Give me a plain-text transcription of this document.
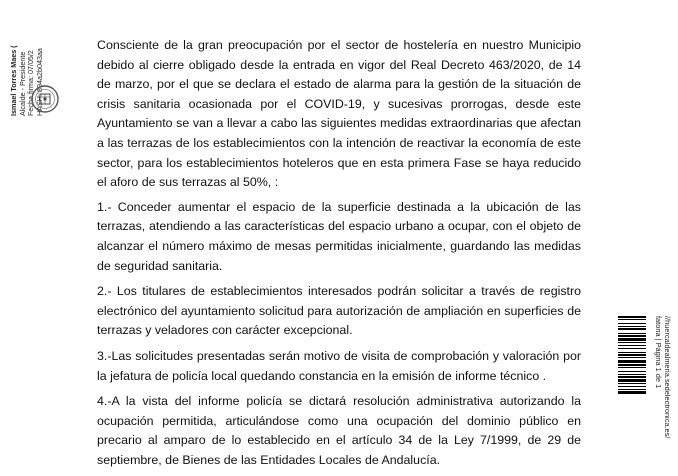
Ismael Torres Maes ( Alcalde - Presidente Fecha firma: 07/05/2 HASH: 894a2b043aa

Consciente de la gran preocupación por el sector de hostelería en nuestro Municipio debido al cierre obligado desde la entrada en vigor del Real Decreto 463/2020, de 14 de marzo, por el que se declara el estado de alarma para la gestión de la situación de crisis sanitaria ocasionada por el COVID-19, y sucesivas prorrogas, desde este Ayuntamiento se van a llevar a cabo las siguientes medidas extraordinarias que afectan a las terrazas de los establecimientos con la intención de reactivar la economía de este sector, para los establecimientos hoteleros que en esta primera Fase se haya reducido el aforo de sus terrazas al 50%, :

1.- Conceder aumentar el espacio de la superficie destinada a la ubicación de las terrazas, atendiendo a las características del espacio urbano a ocupar, con el objeto de alcanzar el número máximo de mesas permitidas inicialmente, guardando las medidas de seguridad sanitaria.

2.- Los titulares de establecimientos interesados podrán solicitar a través de registro electrónico del ayuntamiento solicitud para autorización de ampliación en superficies de terrazas y veladores con carácter excepcional.

3.-Las solicitudes presentadas serán motivo de visita de comprobación y valoración por la jefatura de policía local quedando constancia en la emisión de informe técnico .

4.-A la vista del informe policía se dictará resolución administrativa autorizando la ocupación permitida, articulándose como una ocupación del dominio público en precario al amparo de lo establecido en el artículo 34 de la Ley 7/1999, de 29 de septiembre, de Bienes de las Entidades Locales de Andalucía.

//huercaldealmeria.sedelectronica.es/
fatona | Página 1 de 1
